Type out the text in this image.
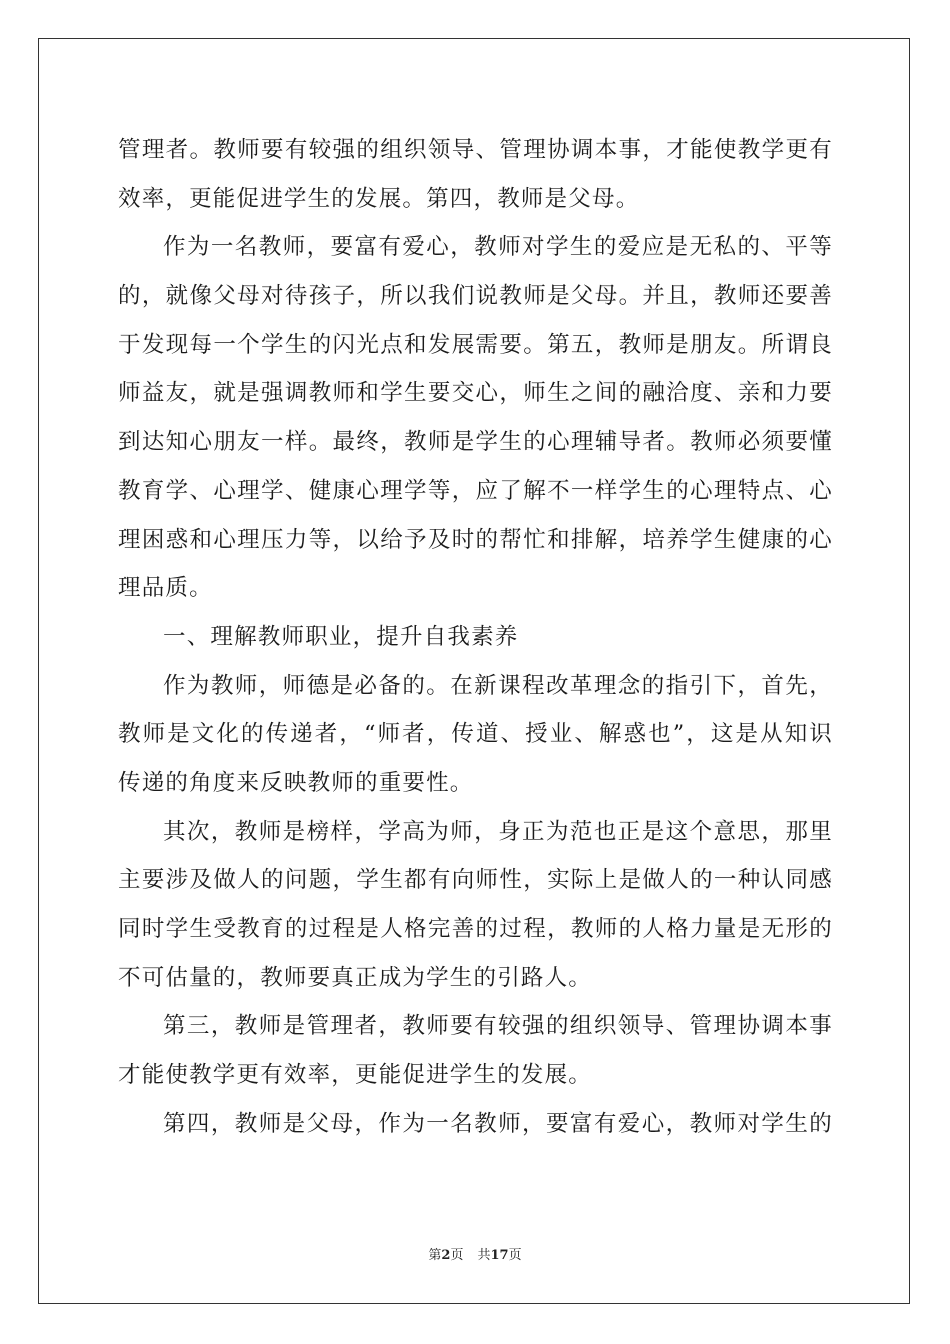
管理者。教师要有较强的组织领导、管理协调本事，才能使教学更有
效率，更能促进学生的发展。第四，教师是父母。
作为一名教师，要富有爱心，教师对学生的爱应是无私的、平等
的，就像父母对待孩子，所以我们说教师是父母。并且，教师还要善
于发现每一个学生的闪光点和发展需要。第五，教师是朋友。所谓良
师益友，就是强调教师和学生要交心，师生之间的融洽度、亲和力要
到达知心朋友一样。最终，教师是学生的心理辅导者。教师必须要懂
教育学、心理学、健康心理学等，应了解不一样学生的心理特点、心
理困惑和心理压力等，以给予及时的帮忙和排解，培养学生健康的心
理品质。
一、理解教师职业，提升自我素养
作为教师，师德是必备的。在新课程改革理念的指引下，首先，
教师是文化的传递者，“师者，传道、授业、解惑也”，这是从知识
传递的角度来反映教师的重要性。
其次，教师是榜样，学高为师，身正为范也正是这个意思，那里
主要涉及做人的问题，学生都有向师性，实际上是做人的一种认同感
同时学生受教育的过程是人格完善的过程，教师的人格力量是无形的
不可估量的，教师要真正成为学生的引路人。
第三，教师是管理者，教师要有较强的组织领导、管理协调本事
才能使教学更有效率，更能促进学生的发展。
第四，教师是父母，作为一名教师，要富有爱心，教师对学生的
第2页 共17页
